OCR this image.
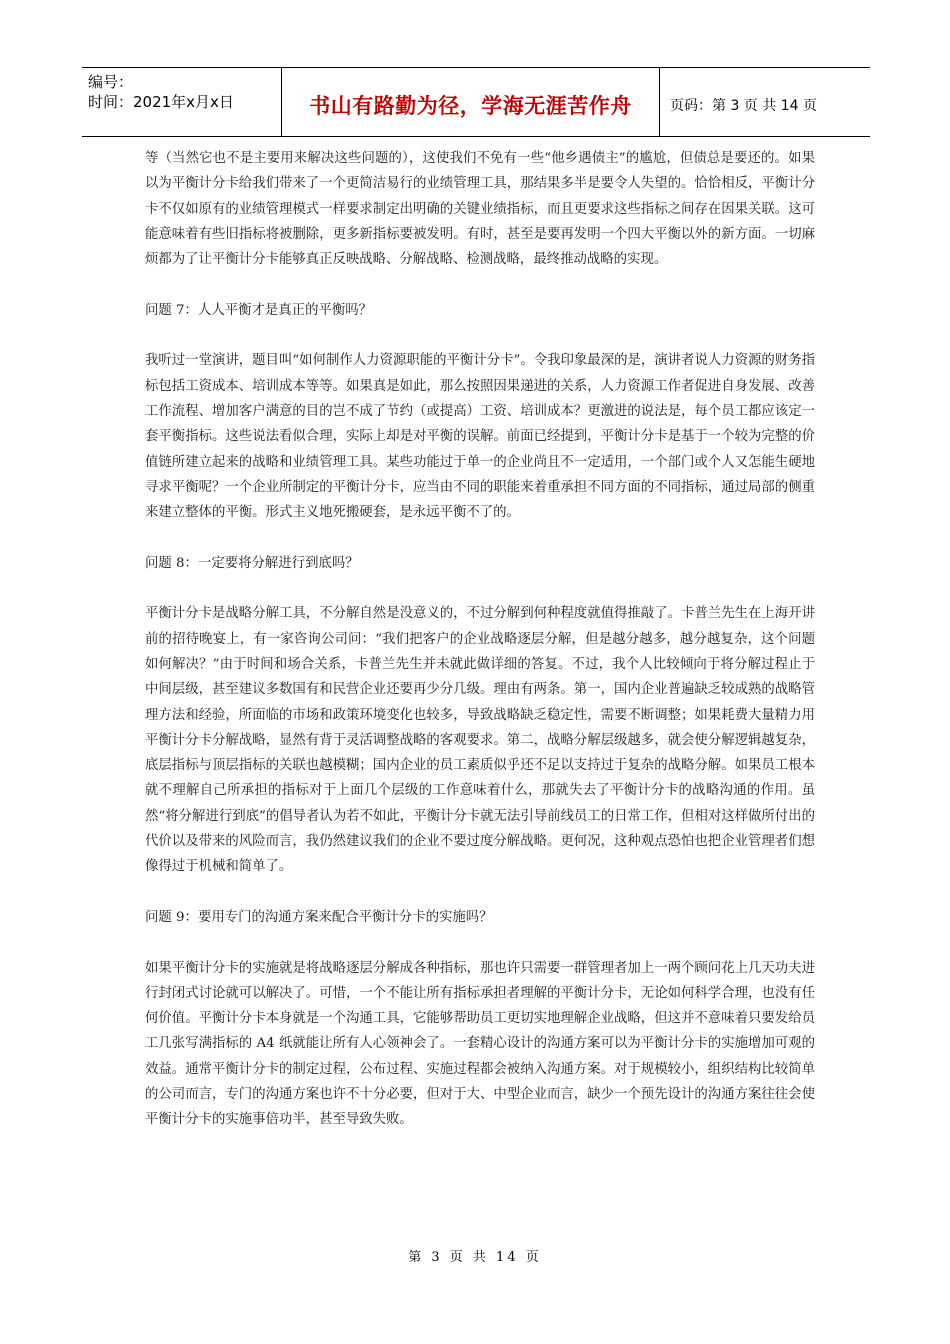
编号：
时间：2021年x月x日	书山有路勤为径，学海无涯苦作舟	页码：第 3 页 共 14 页

等（当然它也不是主要用来解决这些问题的），这使我们不免有一些“他乡遇债主”的尴尬，但债总是要还的。如果以为平衡计分卡给我们带来了一个更简洁易行的业绩管理工具，那结果多半是要令人失望的。恰恰相反，平衡计分卡不仅如原有的业绩管理模式一样要求制定出明确的关键业绩指标，而且更要求这些指标之间存在因果关联。这可能意味着有些旧指标将被删除，更多新指标要被发明。有时，甚至是要再发明一个四大平衡以外的新方面。一切麻烦都为了让平衡计分卡能够真正反映战略、分解战略、检测战略，最终推动战略的实现。

问题 7：人人平衡才是真正的平衡吗？

我听过一堂演讲，题目叫“如何制作人力资源职能的平衡计分卡”。令我印象最深的是，演讲者说人力资源的财务指标包括工资成本、培训成本等等。如果真是如此，那么按照因果递进的关系，人力资源工作者促进自身发展、改善工作流程、增加客户满意的目的岂不成了节约（或提高）工资、培训成本？更激进的说法是，每个员工都应该定一套平衡指标。这些说法看似合理，实际上却是对平衡的误解。前面已经提到，平衡计分卡是基于一个较为完整的价值链所建立起来的战略和业绩管理工具。某些功能过于单一的企业尚且不一定适用，一个部门或个人又怎能生硬地寻求平衡呢？一个企业所制定的平衡计分卡，应当由不同的职能来着重承担不同方面的不同指标，通过局部的侧重来建立整体的平衡。形式主义地死搬硬套，是永远平衡不了的。

问题 8：一定要将分解进行到底吗？

平衡计分卡是战略分解工具，不分解自然是没意义的，不过分解到何种程度就值得推敲了。卡普兰先生在上海开讲前的招待晚宴上，有一家咨询公司问：“我们把客户的企业战略逐层分解，但是越分越多，越分越复杂，这个问题如何解决？”由于时间和场合关系，卡普兰先生并未就此做详细的答复。不过，我个人比较倾向于将分解过程止于中间层级，甚至建议多数国有和民营企业还要再少分几级。理由有两条。第一，国内企业普遍缺乏较成熟的战略管理方法和经验，所面临的市场和政策环境变化也较多，导致战略缺乏稳定性，需要不断调整；如果耗费大量精力用平衡计分卡分解战略，显然有背于灵活调整战略的客观要求。第二，战略分解层级越多，就会使分解逻辑越复杂，底层指标与顶层指标的关联也越模糊；国内企业的员工素质似乎还不足以支持过于复杂的战略分解。如果员工根本就不理解自己所承担的指标对于上面几个层级的工作意味着什么，那就失去了平衡计分卡的战略沟通的作用。虽然“将分解进行到底”的倡导者认为若不如此，平衡计分卡就无法引导前线员工的日常工作，但相对这样做所付出的代价以及带来的风险而言，我仍然建议我们的企业不要过度分解战略。更何况，这种观点恐怕也把企业管理者们想像得过于机械和简单了。

问题 9：要用专门的沟通方案来配合平衡计分卡的实施吗？

如果平衡计分卡的实施就是将战略逐层分解成各种指标，那也许只需要一群管理者加上一两个顾问花上几天功夫进行封闭式讨论就可以解决了。可惜，一个不能让所有指标承担者理解的平衡计分卡，无论如何科学合理，也没有任何价值。平衡计分卡本身就是一个沟通工具，它能够帮助员工更切实地理解企业战略，但这并不意味着只要发给员工几张写满指标的 A4 纸就能让所有人心领神会了。一套精心设计的沟通方案可以为平衡计分卡的实施增加可观的效益。通常平衡计分卡的制定过程，公布过程、实施过程都会被纳入沟通方案。对于规模较小，组织结构比较简单的公司而言，专门的沟通方案也许不十分必要，但对于大、中型企业而言，缺少一个预先设计的沟通方案往往会使平衡计分卡的实施事倍功半，甚至导致失败。

第 3 页 共 14 页
